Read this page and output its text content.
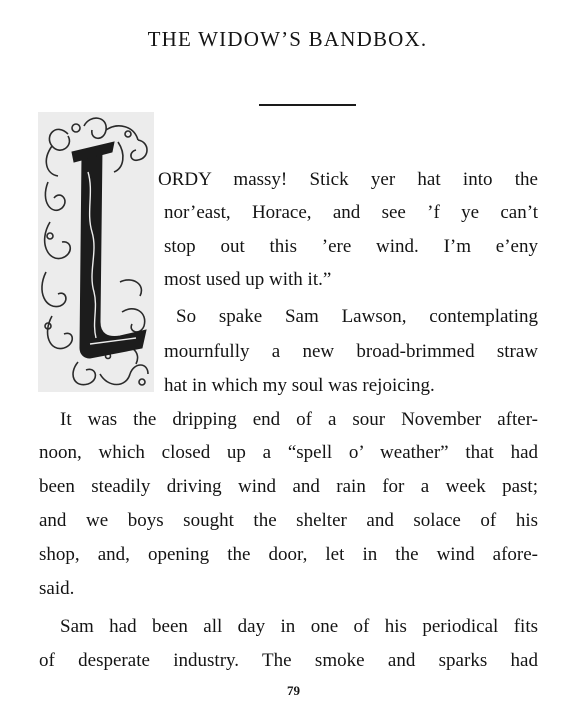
THE WIDOW’S BANDBOX.
ORDY massy! Stick yer hat into the
nor’east, Horace, and see ’f ye can’t
stop out this ’ere wind. I’m e’eny
most used up with it.”
So spake Sam Lawson, contemplating
mournfully a new broad-brimmed straw
hat in which my soul was rejoicing.
It was the dripping end of a sour November after-
noon, which closed up a “spell o’ weather” that had
been steadily driving wind and rain for a week past;
and we boys sought the shelter and solace of his
shop, and, opening the door, let in the wind afore-
said.
Sam had been all day in one of his periodical fits
of desperate industry. The smoke and sparks had
79
